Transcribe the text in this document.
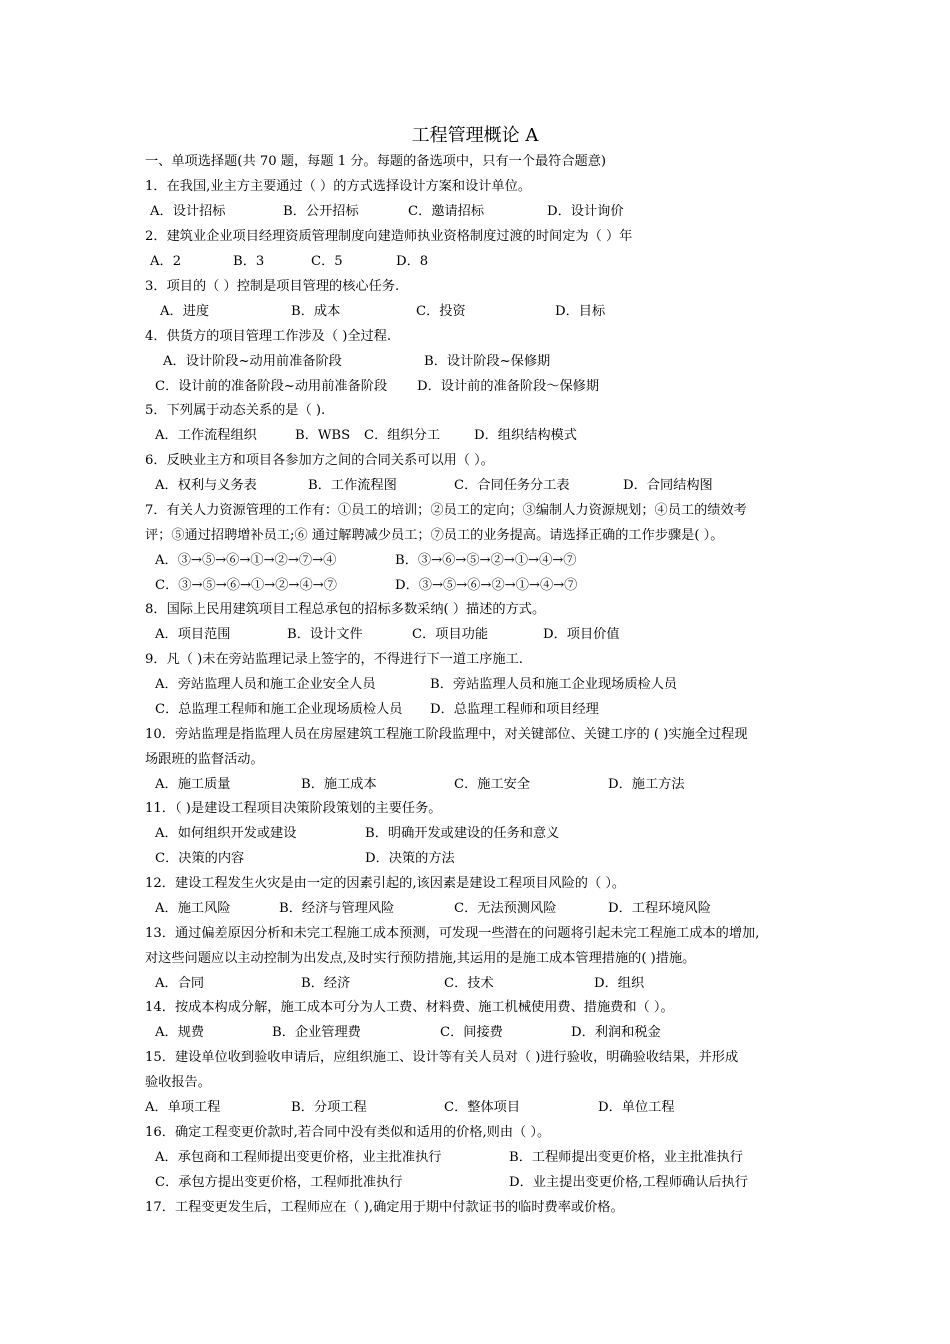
工程管理概论 A
一、单项选择题(共 70 题，每题 1 分。每题的备选项中，只有一个最符合题意)
1．在我国,业主方主要通过（ ）的方式选择设计方案和设计单位。
A．设计招标	B．公开招标	C．邀请招标	D．设计询价
2．建筑业企业项目经理资质管理制度向建造师执业资格制度过渡的时间定为（ ）年
A．2	B．3	C．5	D．8
3．项目的（ ）控制是项目管理的核心任务.
A．进度	B．成本	C．投资	D．目标
4．供货方的项目管理工作涉及（ )全过程.
A．设计阶段~动用前准备阶段	B．设计阶段~保修期
C．设计前的准备阶段~动用前准备阶段 D．设计前的准备阶段～保修期
5．下列属于动态关系的是（ ).
A．工作流程组织	B．WBS C．组织分工	D．组织结构模式
6．反映业主方和项目各参加方之间的合同关系可以用（ ）。
A．权利与义务表	B．工作流程图	C．合同任务分工表	D．合同结构图
7．有关人力资源管理的工作有：①员工的培训；②员工的定向；③编制人力资源规划；④员工的绩效考
评；⑤通过招聘增补员工;⑥ 通过解聘减少员工；⑦员工的业务提高。请选择正确的工作步骤是( ）。
A．③→⑤→⑥→①→②→⑦→④	B．③→⑥→⑤→②→①→④→⑦
C．③→⑤→⑥→①→②→④→⑦	D．③→⑤→⑥→②→①→④→⑦
8．国际上民用建筑项目工程总承包的招标多数采纳( ）描述的方式。
A．项目范围	B．设计文件	C．项目功能	D．项目价值
9．凡（ )未在旁站监理记录上签字的，不得进行下一道工序施工.
A．旁站监理人员和施工企业安全人员	B．旁站监理人员和施工企业现场质检人员
C．总监理工程师和施工企业现场质检人员 D．总监理工程师和项目经理
10．旁站监理是指监理人员在房屋建筑工程施工阶段监理中，对关键部位、关键工序的 ( )实施全过程现
场跟班的监督活动。
A．施工质量	B．施工成本	C．施工安全	D．施工方法
11．（ )是建设工程项目决策阶段策划的主要任务。
A．如何组织开发或建设	B．明确开发或建设的任务和意义
C．决策的内容	D．决策的方法
12．建设工程发生火灾是由一定的因素引起的,该因素是建设工程项目风险的（ ）。
A．施工风险	B．经济与管理风险	C．无法预测风险	D．工程环境风险
13．通过偏差原因分析和未完工程施工成本预测，可发现一些潜在的问题将引起未完工程施工成本的增加,
对这些问题应以主动控制为出发点,及时实行预防措施,其运用的是施工成本管理措施的( )措施。
A．合同	B．经济	C．技术	D．组织
14．按成本构成分解，施工成本可分为人工费、材料费、施工机械使用费、措施费和（ ）。
A．规费	B．企业管理费	C．间接费	D．利润和税金
15．建设单位收到验收申请后，应组织施工、设计等有关人员对（ )进行验收，明确验收结果，并形成
验收报告。
A．单项工程	B．分项工程	C．整体项目	D．单位工程
16．确定工程变更价款时,若合同中没有类似和适用的价格,则由（ ）。
A．承包商和工程师提出变更价格，业主批准执行	B．工程师提出变更价格，业主批准执行
C．承包方提出变更价格，工程师批准执行	D．业主提出变更价格,工程师确认后执行
17．工程变更发生后，工程师应在（ ),确定用于期中付款证书的临时费率或价格。
